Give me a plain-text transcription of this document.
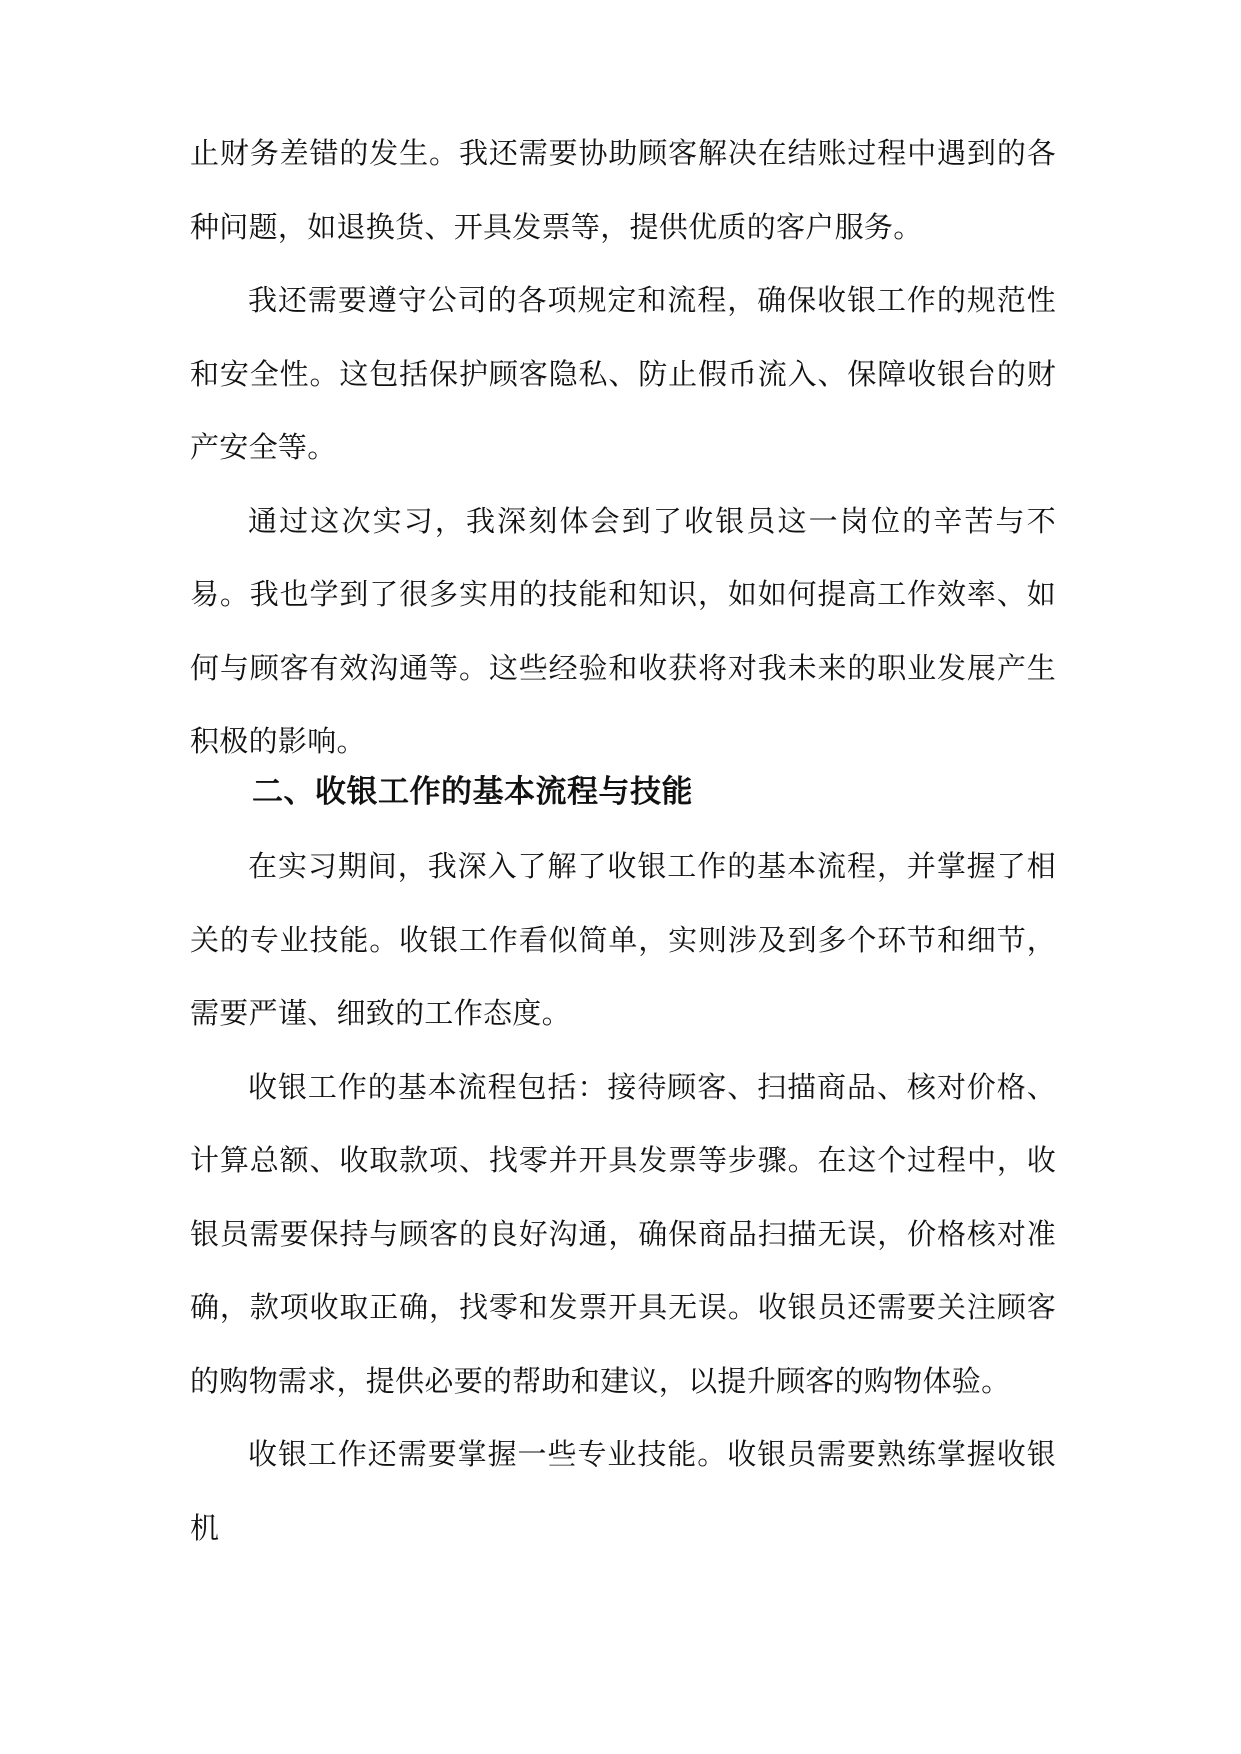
止财务差错的发生。我还需要协助顾客解决在结账过程中遇到的各种问题，如退换货、开具发票等，提供优质的客户服务。

我还需要遵守公司的各项规定和流程，确保收银工作的规范性和安全性。这包括保护顾客隐私、防止假币流入、保障收银台的财产安全等。

通过这次实习，我深刻体会到了收银员这一岗位的辛苦与不易。我也学到了很多实用的技能和知识，如如何提高工作效率、如何与顾客有效沟通等。这些经验和收获将对我未来的职业发展产生积极的影响。

二、收银工作的基本流程与技能

在实习期间，我深入了解了收银工作的基本流程，并掌握了相关的专业技能。收银工作看似简单，实则涉及到多个环节和细节，需要严谨、细致的工作态度。

收银工作的基本流程包括：接待顾客、扫描商品、核对价格、计算总额、收取款项、找零并开具发票等步骤。在这个过程中，收银员需要保持与顾客的良好沟通，确保商品扫描无误，价格核对准确，款项收取正确，找零和发票开具无误。收银员还需要关注顾客的购物需求，提供必要的帮助和建议，以提升顾客的购物体验。

收银工作还需要掌握一些专业技能。收银员需要熟练掌握收银机
